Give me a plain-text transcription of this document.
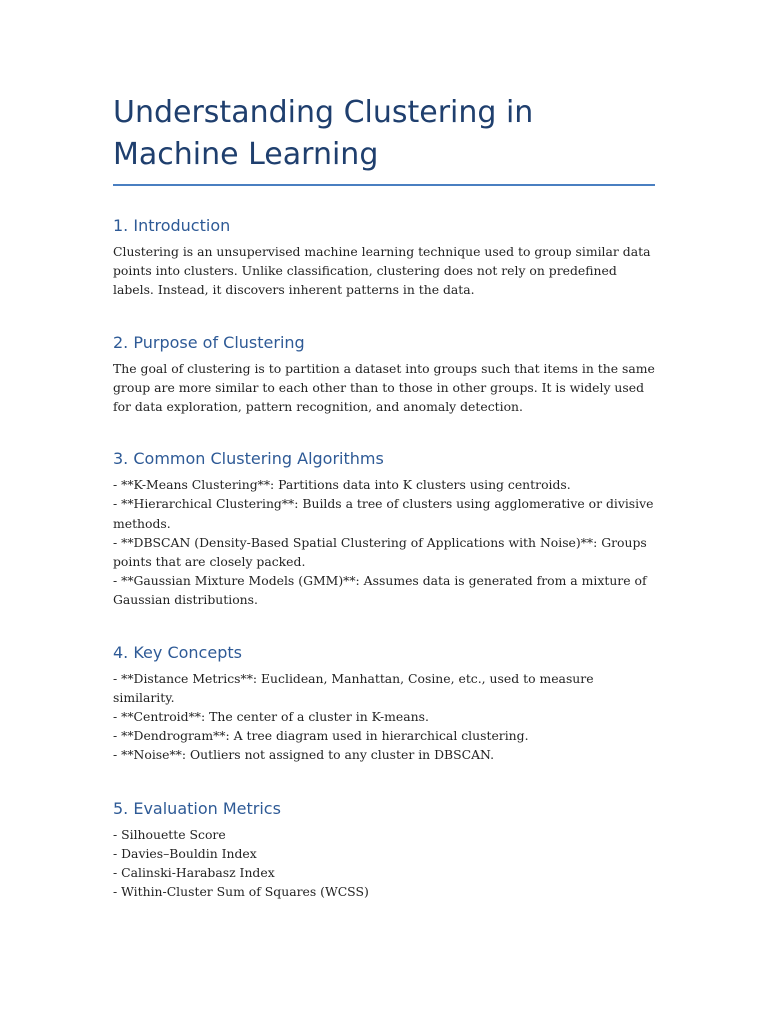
Understanding Clustering in Machine Learning
1. Introduction

Clustering is an unsupervised machine learning technique used to group similar data points into clusters. Unlike classification, clustering does not rely on predefined labels. Instead, it discovers inherent patterns in the data.

2. Purpose of Clustering

The goal of clustering is to partition a dataset into groups such that items in the same group are more similar to each other than to those in other groups. It is widely used for data exploration, pattern recognition, and anomaly detection.

3. Common Clustering Algorithms
- **K-Means Clustering**: Partitions data into K clusters using centroids.
- **Hierarchical Clustering**: Builds a tree of clusters using agglomerative or divisive methods.
- **DBSCAN (Density-Based Spatial Clustering of Applications with Noise)**: Groups points that are closely packed.
- **Gaussian Mixture Models (GMM)**: Assumes data is generated from a mixture of Gaussian distributions.
4. Key Concepts
- **Distance Metrics**: Euclidean, Manhattan, Cosine, etc., used to measure similarity.
- **Centroid**: The center of a cluster in K-means.
- **Dendrogram**: A tree diagram used in hierarchical clustering.
- **Noise**: Outliers not assigned to any cluster in DBSCAN.
5. Evaluation Metrics
- Silhouette Score
- Davies–Bouldin Index
- Calinski-Harabasz Index
- Within-Cluster Sum of Squares (WCSS)
